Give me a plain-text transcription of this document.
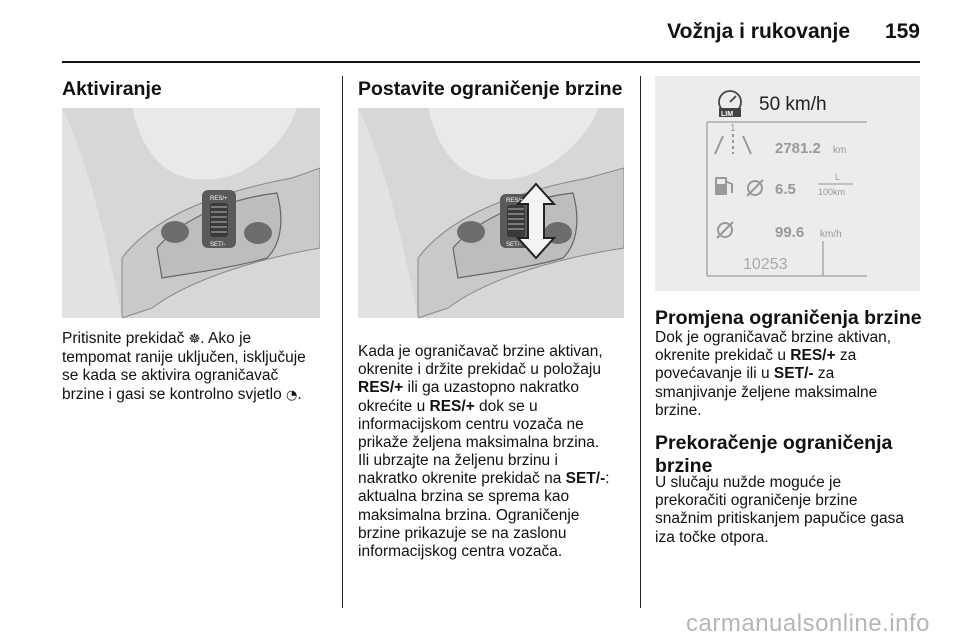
Vožnja i rukovanje 159
Aktiviranje
RES/+
SET/-

Pritisnite prekidač ☸. Ako je
tempomat ranije uključen, isključuje
se kada se aktivira ograničavač
brzine i gasi se kontrolno svjetlo ◔.

Postavite ograničenje brzine
RES/+
SET/-

Kada je ograničavač brzine aktivan,
okrenite i držite prekidač u položaju
RES/+ ili ga uzastopno nakratko
okrećite u RES/+ dok se u
informacijskom centru vozača ne
prikaže željena maksimalna brzina.

Ili ubrzajte na željenu brzinu i
nakratko okrenite prekidač na SET/-:
aktualna brzina se sprema kao
maksimalna brzina. Ograničenje
brzine prikazuje se na zaslonu
informacijskog centra vozača.

LIM 50 km/h
1
2781.2 km
6.5
L
100km
99.6 km/h
10253
Promjena ograničenja brzine

Dok je ograničavač brzine aktivan,
okrenite prekidač u RES/+ za
povećavanje ili u SET/- za
smanjivanje željene maksimalne
brzine.

Prekoračenje ograničenja
brzine

U slučaju nužde moguće je
prekoračiti ograničenje brzine
snažnim pritiskanjem papučice gasa
iza točke otpora.

carmanualsonline.info
